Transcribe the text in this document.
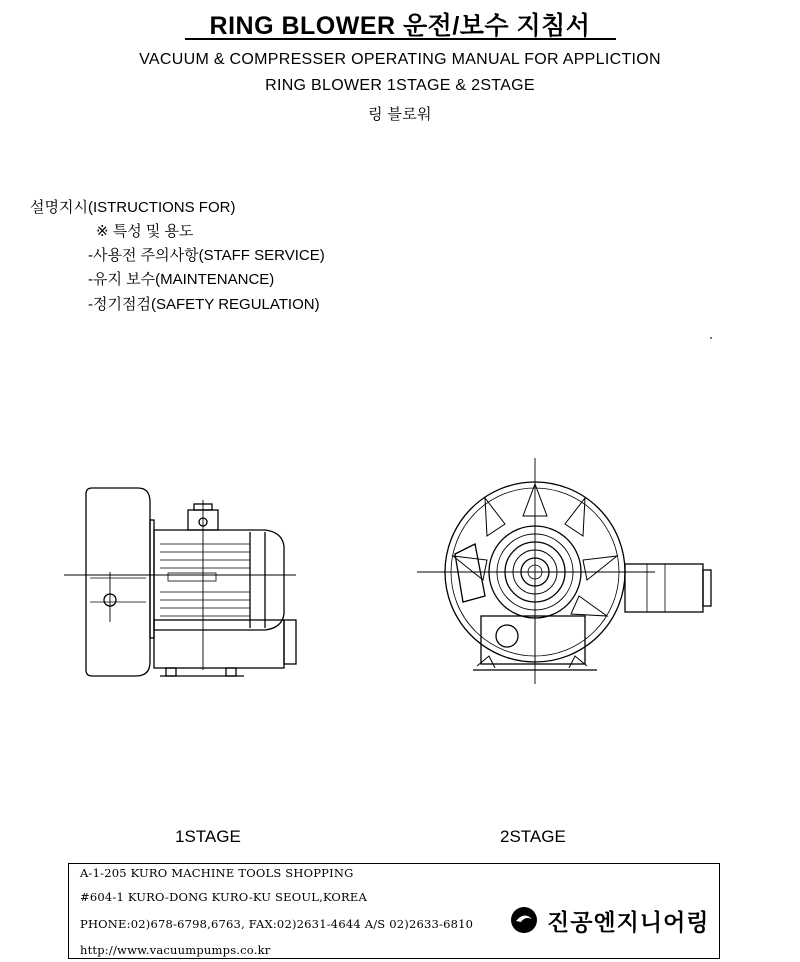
RING BLOWER 운전/보수 지침서
VACUUM & COMPRESSER OPERATING MANUAL FOR APPLICTION
RING BLOWER 1STAGE & 2STAGE
링 블로워
설명지시(ISTRUCTIONS FOR)
※ 특성 및 용도
-사용전 주의사항(STAFF SERVICE)
-유지 보수(MAINTENANCE)
-정기점검(SAFETY REGULATION)
1STAGE	2STAGE
A-1-205 KURO MACHINE TOOLS SHOPPING
#604-1 KURO-DONG KURO-KU SEOUL,KOREA
PHONE:02)678-6798,6763, FAX:02)2631-4644 A/S 02)2633-6810
http://www.vacuumpumps.co.kr
진공엔지니어링
